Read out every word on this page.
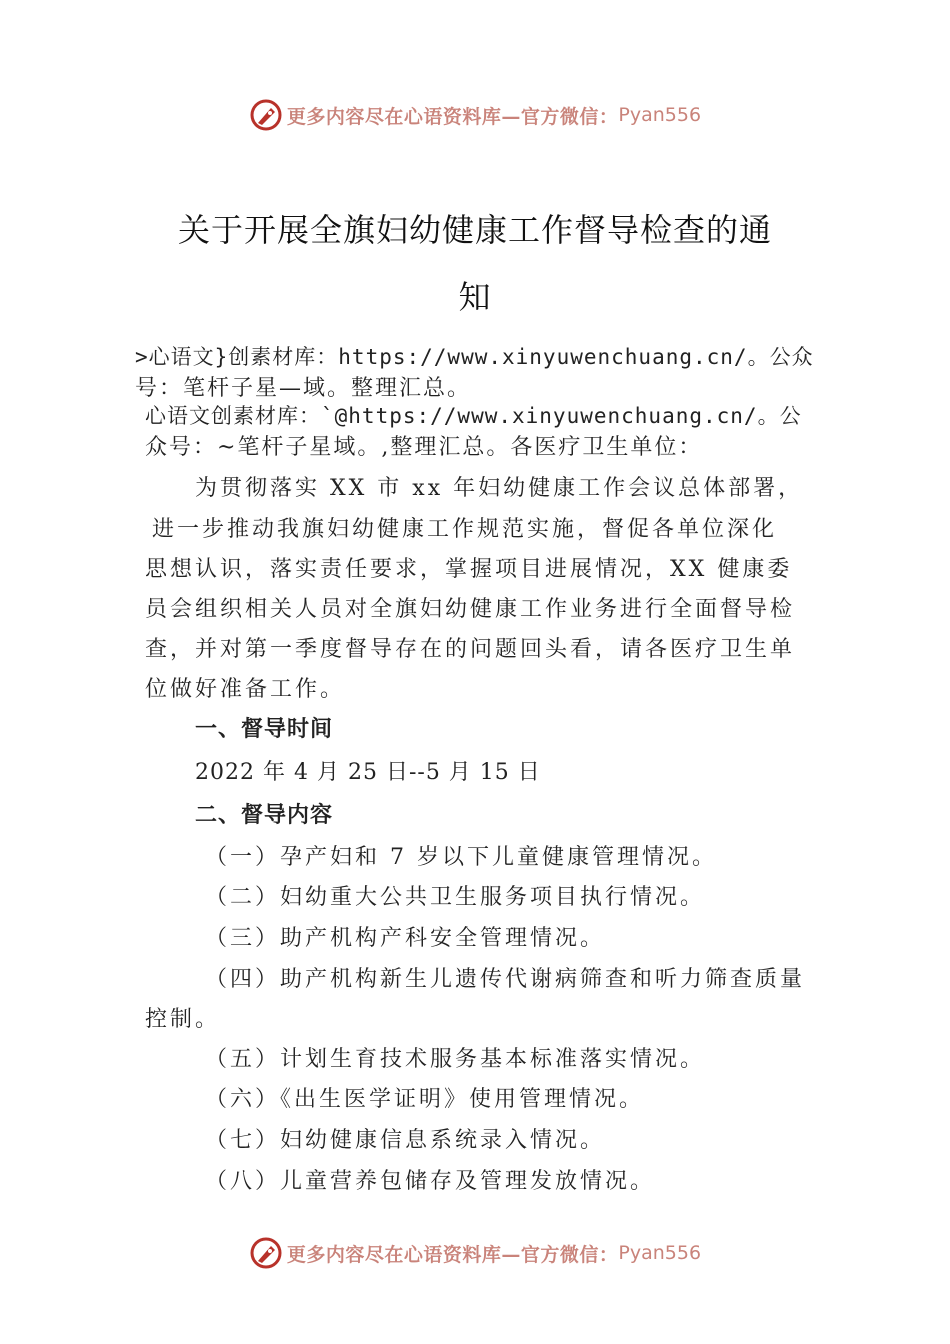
更多内容尽在心语资料库—官方微信： Pyan556
关于开展全旗妇幼健康工作督导检查的通
知
>心语文}创素材库：https://www.xinyuwenchuang.cn/。公众
号：笔杆子星—域。整理汇总。
心语文创素材库：`@https://www.xinyuwenchuang.cn/。公
众号：~笔杆子星域。,整理汇总。各医疗卫生单位：
为贯彻落实 XX 市 xx 年妇幼健康工作会议总体部署，
进一步推动我旗妇幼健康工作规范实施，督促各单位深化
思想认识，落实责任要求，掌握项目进展情况，XX 健康委
员会组织相关人员对全旗妇幼健康工作业务进行全面督导检
查，并对第一季度督导存在的问题回头看，请各医疗卫生单
位做好准备工作。
一、督导时间
2022 年 4 月 25 日--5 月 15 日
二、督导内容
（一）孕产妇和 7 岁以下儿童健康管理情况。
（二）妇幼重大公共卫生服务项目执行情况。
（三）助产机构产科安全管理情况。
（四）助产机构新生儿遗传代谢病筛查和听力筛查质量
控制。
（五）计划生育技术服务基本标准落实情况。
（六）《出生医学证明》使用管理情况。
（七）妇幼健康信息系统录入情况。
（八）儿童营养包储存及管理发放情况。
更多内容尽在心语资料库—官方微信： Pyan556
